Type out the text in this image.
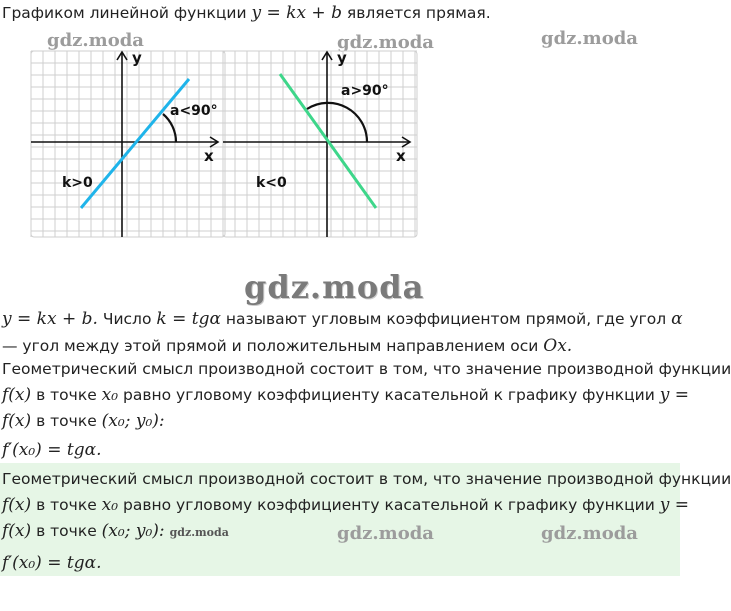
Графиком линейной функции y = kx + b является прямая.
gdz.moda	gdz.moda	gdz.moda
y
x
k>0
a<90°
y
x
k<0
a>90°
gdz.moda
y = kx + b. Число k = tgα называют угловым коэффициентом прямой, где угол α
— угол между этой прямой и положительным направлением оси Ox.
Геометрический смысл производной состоит в том, что значение производной функции
f(x) в точке x₀ равно угловому коэффициенту касательной к графику функции y =
f(x) в точке (x₀; y₀):
f′(x₀) = tgα.
Геометрический смысл производной состоит в том, что значение производной функции
f(x) в точке x₀ равно угловому коэффициенту касательной к графику функции y =
f(x) в точке (x₀; y₀): gdz.moda
f′(x₀) = tgα.
gdz.moda	gdz.moda
